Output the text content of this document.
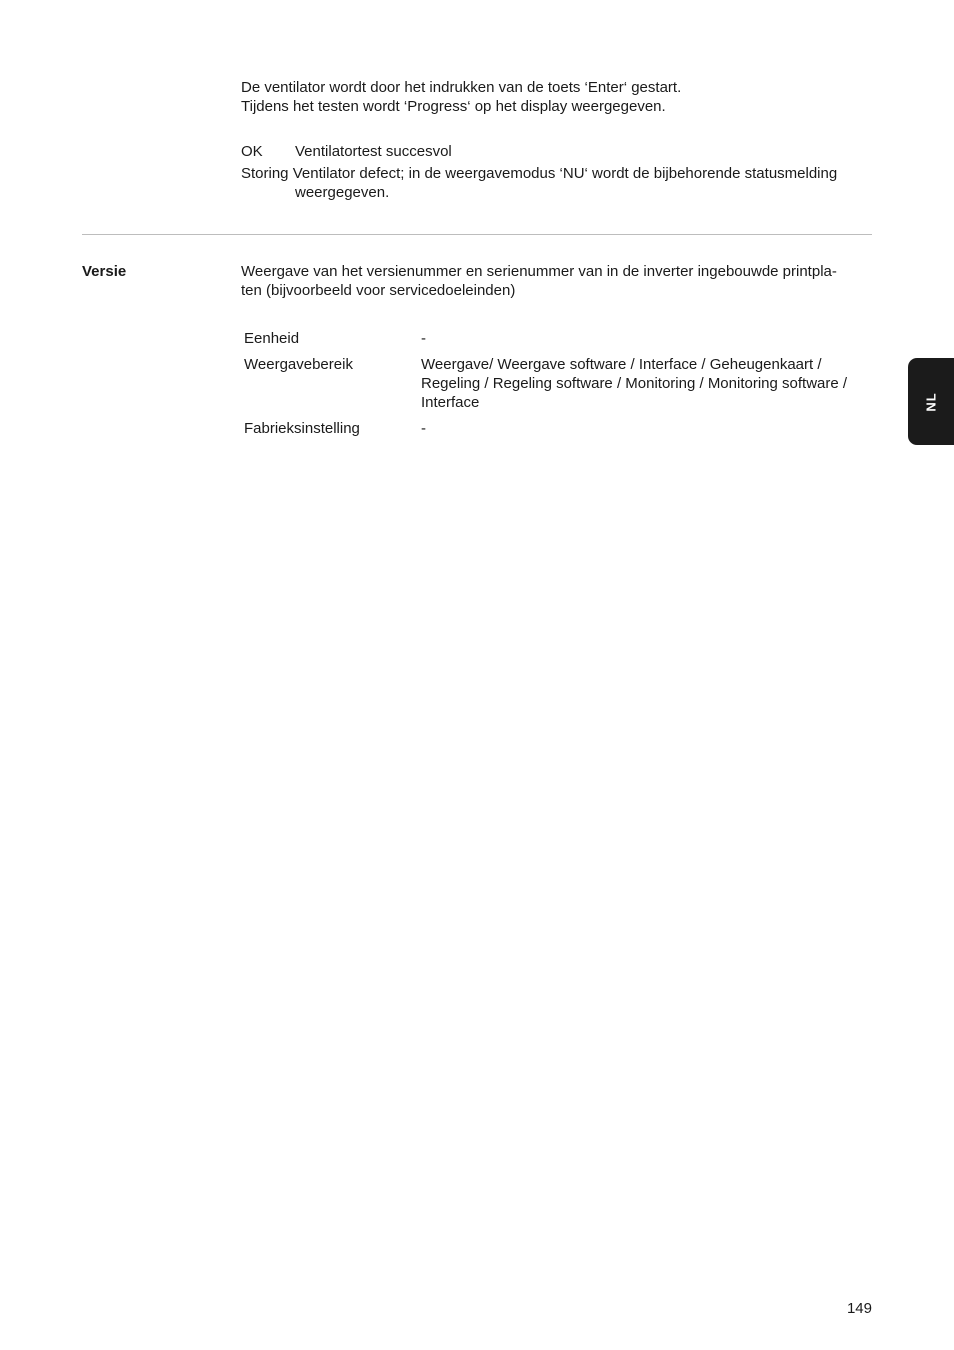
De ventilator wordt door het indrukken van de toets ‘Enter‘ gestart.

Tijdens het testen wordt ‘Progress‘ op het display weergegeven.

OK Ventilatortest succesvol
Storing Ventilator defect; in de weergavemodus ‘NU‘ wordt de bijbehorende statusmelding weergegeven.
Versie	Weergave van het versienummer en serienummer van in de inverter ingebouwde printpla-
ten (bijvoorbeeld voor servicedoeleinden)
Eenheid	-
Weergavebereik	Weergave/ Weergave software / Interface / Geheugenkaart / Regeling / Regeling software / Monitoring / Monitoring software / Interface
Fabrieksinstelling	-
NL
149
